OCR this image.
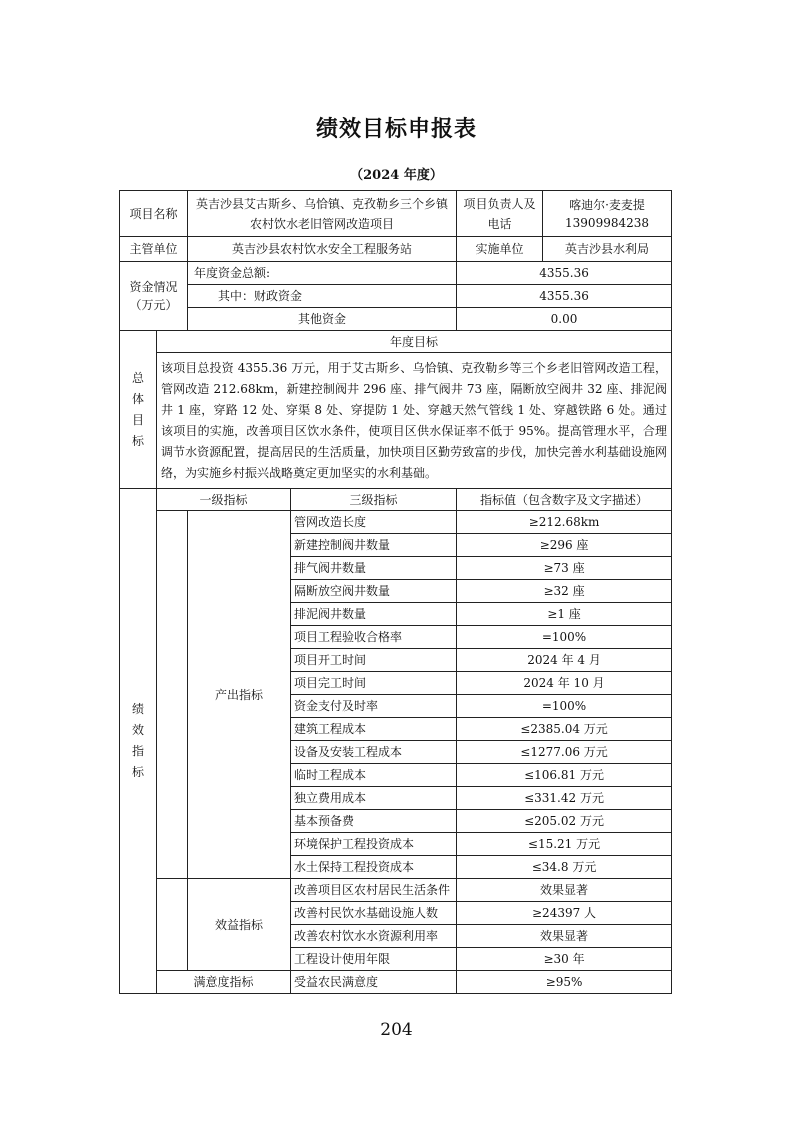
绩效目标申报表
（2024 年度）
项目名称		英吉沙县艾古斯乡、乌恰镇、克孜勒乡三个乡镇农村饮水老旧管网改造项目		项目负责人及电话	喀迪尔·麦麦提
13909984238

主管单位		英吉沙县农村饮水安全工程服务站		实施单位	英吉沙县水利局

资金情况
（万元）		年度资金总额:		4355.36	
		其中：财政资金		4355.36	
		其他资金		0.00	

总
体
目
标	年度目标				
	该项目总投资 4355.36 万元，用于艾古斯乡、乌恰镇、克孜勒乡等三个乡老旧管网改造工程，管网改造 212.68km，新建控制阀井 296 座、排气阀井 73 座，隔断放空阀井 32 座、排泥阀井 1 座，穿路 12 处、穿渠 8 处、穿提防 1 处、穿越天然气管线 1 处、穿越铁路 6 处。通过该项目的实施，改善项目区饮水条件，使项目区供水保证率不低于 95%。提高管理水平，合理调节水资源配置，提高居民的生活质量，加快项目区勤劳致富的步伐，加快完善水利基础设施网络，为实施乡村振兴战略奠定更加坚实的水利基础。				

绩
效
指
标	一级指标		三级指标	指标值（包含数字及文字描述）	
		产出指标	管网改造长度	≥212.68km	
			新建控制阀井数量	≥296 座	
			排气阀井数量	≥73 座	
			隔断放空阀井数量	≥32 座	
			排泥阀井数量	≥1 座	
			项目工程验收合格率	=100%	
			项目开工时间	2024 年 4 月	
			项目完工时间	2024 年 10 月	
			资金支付及时率	=100%	
			建筑工程成本	≤2385.04 万元	
			设备及安装工程成本	≤1277.06 万元	
			临时工程成本	≤106.81 万元	
			独立费用成本	≤331.42 万元	
			基本预备费	≤205.02 万元	
			环境保护工程投资成本	≤15.21 万元	
			水土保持工程投资成本	≤34.8 万元	
		效益指标	改善项目区农村居民生活条件	效果显著	
			改善村民饮水基础设施人数	≥24397 人	
			改善农村饮水水资源利用率	效果显著	
			工程设计使用年限	≥30 年	
	满意度指标		受益农民满意度	≥95%	
204
